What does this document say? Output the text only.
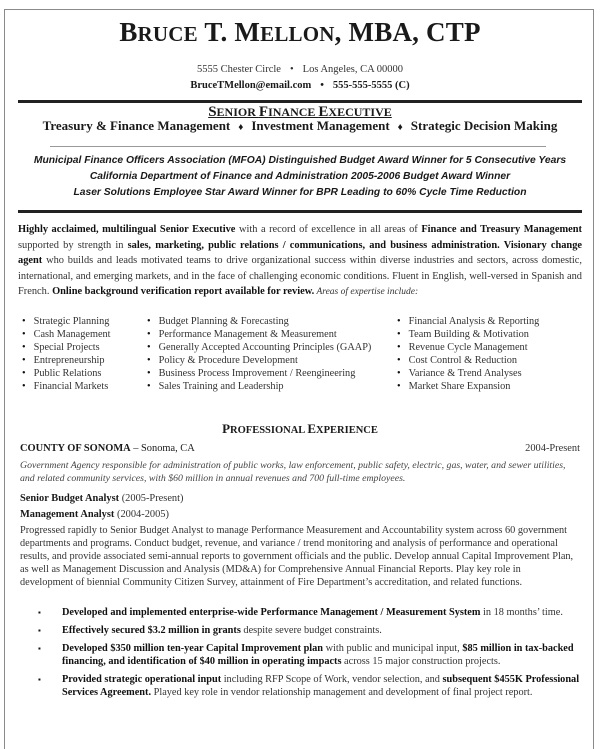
BRUCE T. MELLON, MBA, CTP
5555 Chester Circle • Los Angeles, CA 00000
BruceTMellon@email.com • 555-555-5555 (C)
SENIOR FINANCE EXECUTIVE
Treasury & Finance Management ♦ Investment Management ♦ Strategic Decision Making
Municipal Finance Officers Association (MFOA) Distinguished Budget Award Winner for 5 Consecutive Years
California Department of Finance and Administration 2005-2006 Budget Award Winner
Laser Solutions Employee Star Award Winner for BPR Leading to 60% Cycle Time Reduction
Highly acclaimed, multilingual Senior Executive with a record of excellence in all areas of Finance and Treasury Management supported by strength in sales, marketing, public relations / communications, and business administration. Visionary change agent who builds and leads motivated teams to drive organizational success within diverse industries and sectors, across domestic, international, and emerging markets, and in the face of challenging economic conditions. Fluent in English, well-versed in Spanish and French. Online background verification report available for review. Areas of expertise include:
• Strategic Planning
• Cash Management
• Special Projects
• Entrepreneurship
• Public Relations
• Financial Markets
• Budget Planning & Forecasting
• Performance Management & Measurement
• Generally Accepted Accounting Principles (GAAP)
• Policy & Procedure Development
• Business Process Improvement / Reengineering
• Sales Training and Leadership
• Financial Analysis & Reporting
• Team Building & Motivation
• Revenue Cycle Management
• Cost Control & Reduction
• Variance & Trend Analyses
• Market Share Expansion
PROFESSIONAL EXPERIENCE
COUNTY OF SONOMA – Sonoma, CA	2004-Present
Government Agency responsible for administration of public works, law enforcement, public safety, electric, gas, water, and sewer utilities, and related community services, with $60 million in annual revenues and 700 full-time employees.
Senior Budget Analyst (2005-Present)
Management Analyst (2004-2005)
Progressed rapidly to Senior Budget Analyst to manage Performance Measurement and Accountability system across 60 government departments and programs. Conduct budget, revenue, and variance / trend monitoring and analysis of performance and operational results, and provide associated semi-annual reports to government officials and the public. Develop annual Capital Improvement Plan, as well as Management Discussion and Analysis (MD&A) for Comprehensive Annual Financial Reports. Play key role in development of biennial Community Citizen Survey, attainment of Fire Department’s accreditation, and related functions.
▪ Developed and implemented enterprise-wide Performance Management / Measurement System in 18 months’ time.
▪ Effectively secured $3.2 million in grants despite severe budget constraints.
▪ Developed $350 million ten-year Capital Improvement plan with public and municipal input, $85 million in tax-backed financing, and identification of $40 million in operating impacts across 15 major construction projects.
▪ Provided strategic operational input including RFP Scope of Work, vendor selection, and subsequent $455K Professional Services Agreement. Played key role in vendor relationship management and development of final project report.
